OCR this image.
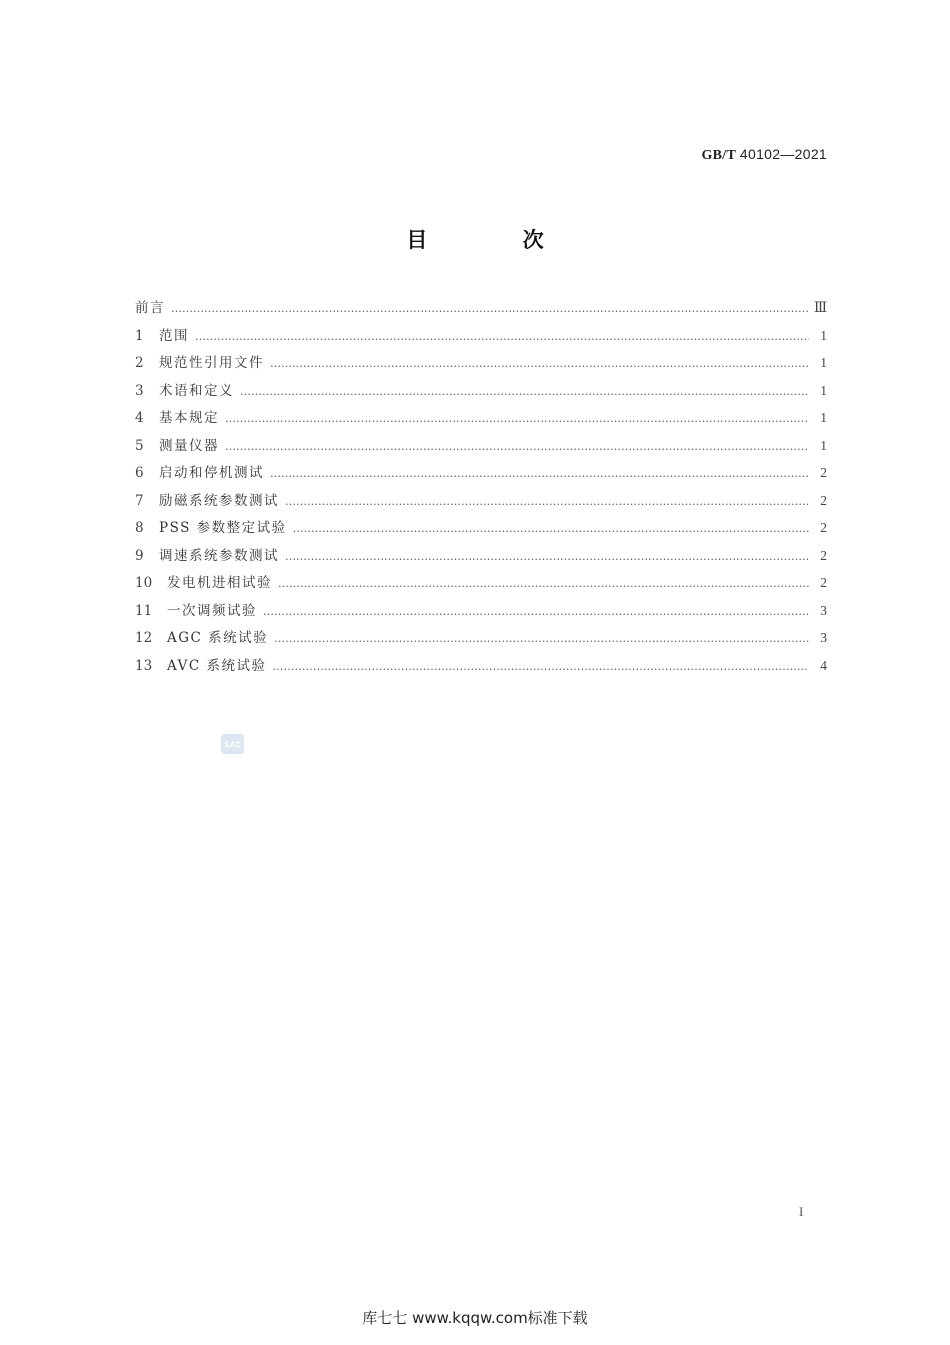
GB/T 40102—2021
目 次
前言 …………………………………………………………………………………………………………………………………………………………………………………………………………………………………………	Ⅲ
1	范围 …………………………………………………………………………………………………………………………………………………………………………………………………………………………………………	1
2	规范性引用文件 …………………………………………………………………………………………………………………………………………………………………………………………………………………………………………	1
3	术语和定义 …………………………………………………………………………………………………………………………………………………………………………………………………………………………………………	1
4	基本规定 …………………………………………………………………………………………………………………………………………………………………………………………………………………………………………	1
5	测量仪器 …………………………………………………………………………………………………………………………………………………………………………………………………………………………………………	1
6	启动和停机测试 …………………………………………………………………………………………………………………………………………………………………………………………………………………………………………	2
7	励磁系统参数测试 …………………………………………………………………………………………………………………………………………………………………………………………………………………………………………	2
8	PSS 参数整定试验 …………………………………………………………………………………………………………………………………………………………………………………………………………………………………………	2
9	调速系统参数测试 …………………………………………………………………………………………………………………………………………………………………………………………………………………………………………	2
10	发电机进相试验 …………………………………………………………………………………………………………………………………………………………………………………………………………………………………………	2
11	一次调频试验 …………………………………………………………………………………………………………………………………………………………………………………………………………………………………………	3
12	AGC 系统试验 …………………………………………………………………………………………………………………………………………………………………………………………………………………………………………	3
13	AVC 系统试验 …………………………………………………………………………………………………………………………………………………………………………………………………………………………………………	4
SAC
I
库七七 www.kqqw.com标准下载
